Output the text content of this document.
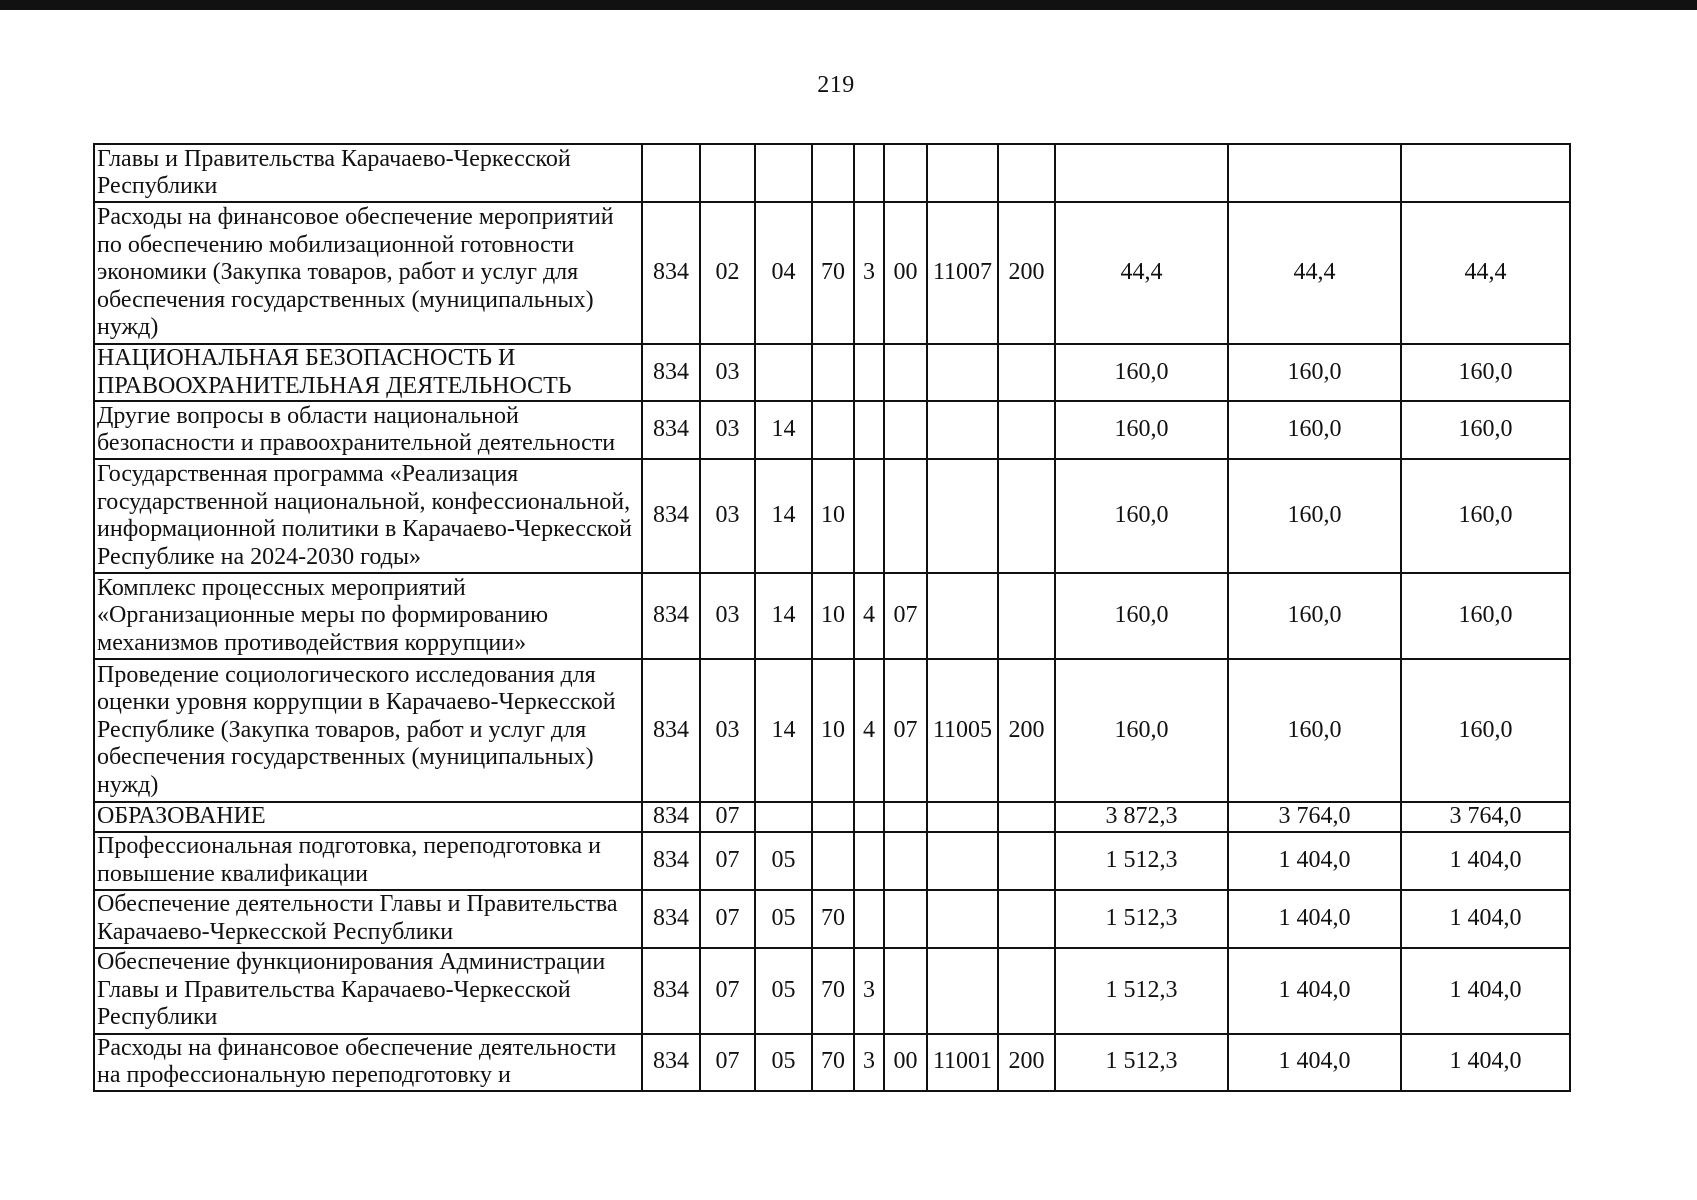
219
Главы и Правительства Карачаево-Черкесской Республики											
Расходы на финансовое обеспечение мероприятий по обеспечению мобилизационной готовности экономики (Закупка товаров, работ и услуг для обеспечения государственных (муниципальных) нужд)	834	02	04	70	3	00	11007	200	44,4	44,4	44,4
НАЦИОНАЛЬНАЯ БЕЗОПАСНОСТЬ И ПРАВООХРАНИТЕЛЬНАЯ ДЕЯТЕЛЬНОСТЬ	834	03							160,0	160,0	160,0
Другие вопросы в области национальной безопасности и правоохранительной деятельности	834	03	14						160,0	160,0	160,0
Государственная программа «Реализация государственной национальной, конфессиональной, информационной политики в Карачаево-Черкесской Республике на 2024-2030 годы»	834	03	14	10					160,0	160,0	160,0
Комплекс процессных мероприятий «Организационные меры по формированию механизмов противодействия коррупции»	834	03	14	10	4	07			160,0	160,0	160,0
Проведение социологического исследования для оценки уровня коррупции в Карачаево-Черкесской Республике (Закупка товаров, работ и услуг для обеспечения государственных (муниципальных) нужд)	834	03	14	10	4	07	11005	200	160,0	160,0	160,0
ОБРАЗОВАНИЕ	834	07							3 872,3	3 764,0	3 764,0
Профессиональная подготовка, переподготовка и повышение квалификации	834	07	05						1 512,3	1 404,0	1 404,0
Обеспечение деятельности Главы и Правительства Карачаево-Черкесской Республики	834	07	05	70					1 512,3	1 404,0	1 404,0
Обеспечение функционирования Администрации Главы и Правительства Карачаево-Черкесской Республики	834	07	05	70	3				1 512,3	1 404,0	1 404,0
Расходы на финансовое обеспечение деятельности на профессиональную переподготовку и	834	07	05	70	3	00	11001	200	1 512,3	1 404,0	1 404,0
